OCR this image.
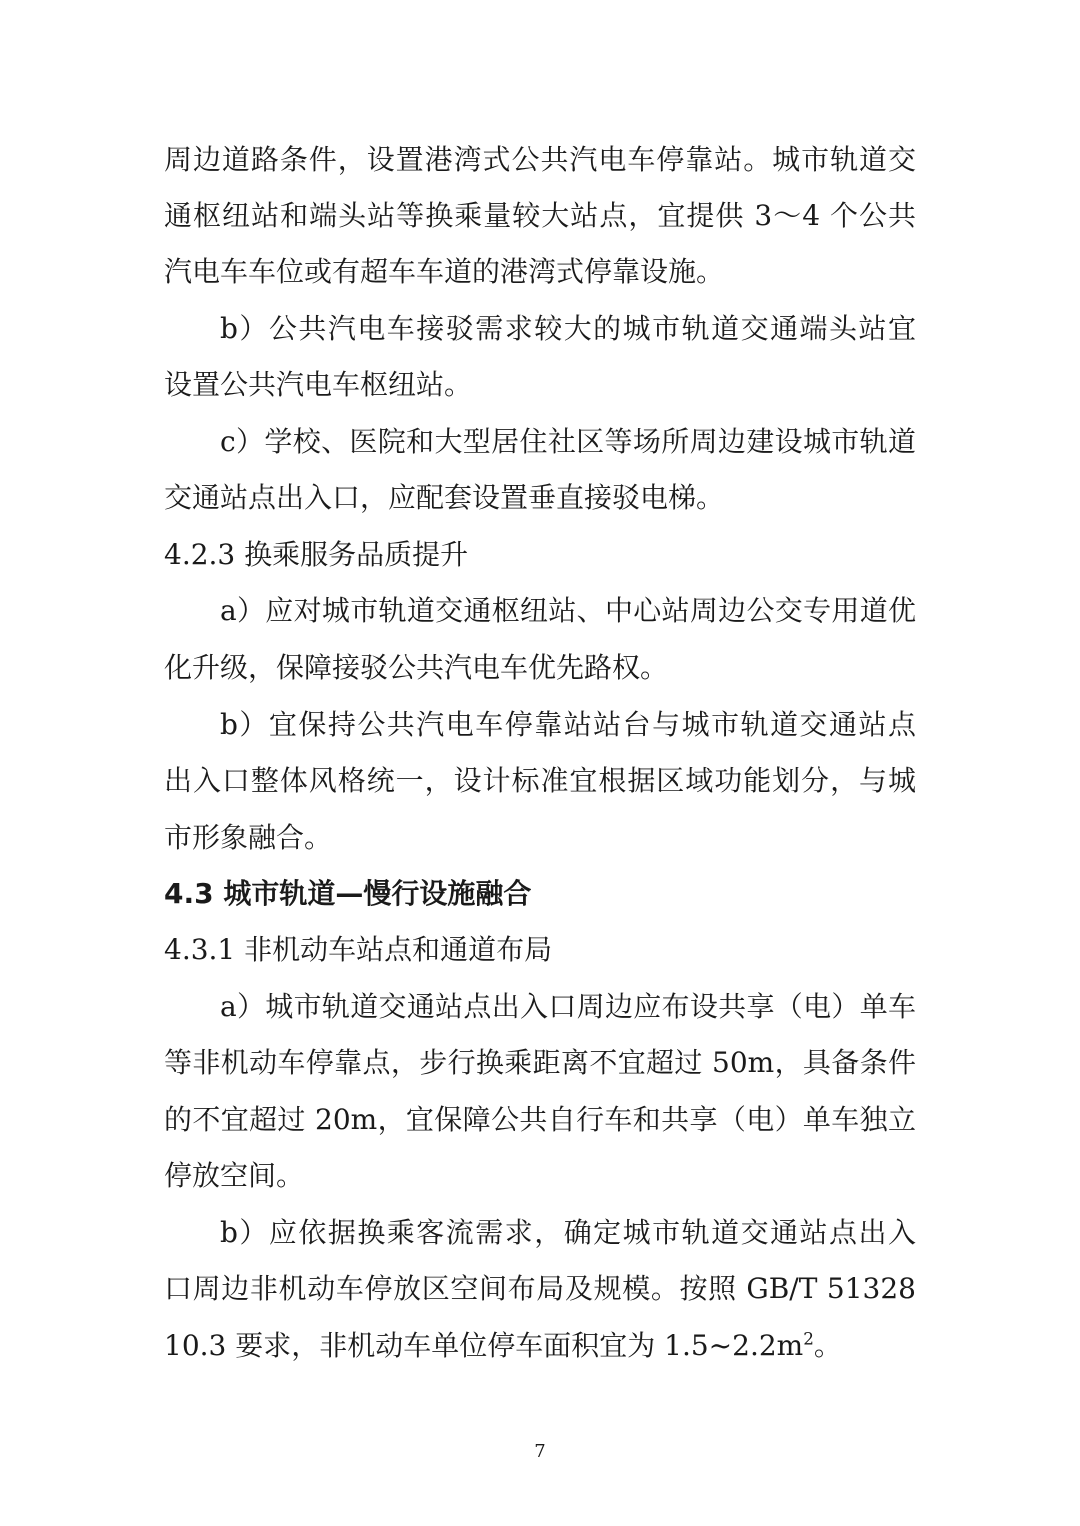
周边道路条件，设置港湾式公共汽电车停靠站。城市轨道交

通枢纽站和端头站等换乘量较大站点，宜提供 3～4 个公共

汽电车车位或有超车车道的港湾式停靠设施。

b）公共汽电车接驳需求较大的城市轨道交通端头站宜

设置公共汽电车枢纽站。

c）学校、医院和大型居住社区等场所周边建设城市轨道

交通站点出入口，应配套设置垂直接驳电梯。

4.2.3 换乘服务品质提升

a）应对城市轨道交通枢纽站、中心站周边公交专用道优

化升级，保障接驳公共汽电车优先路权。

b）宜保持公共汽电车停靠站站台与城市轨道交通站点

出入口整体风格统一，设计标准宜根据区域功能划分，与城

市形象融合。

4.3 城市轨道—慢行设施融合

4.3.1 非机动车站点和通道布局

a）城市轨道交通站点出入口周边应布设共享（电）单车

等非机动车停靠点，步行换乘距离不宜超过 50m，具备条件

的不宜超过 20m，宜保障公共自行车和共享（电）单车独立

停放空间。

b）应依据换乘客流需求，确定城市轨道交通站点出入

口周边非机动车停放区空间布局及规模。按照 GB/T 51328

10.3 要求，非机动车单位停车面积宜为 $1.5\sim 2.2m^2$。

7
